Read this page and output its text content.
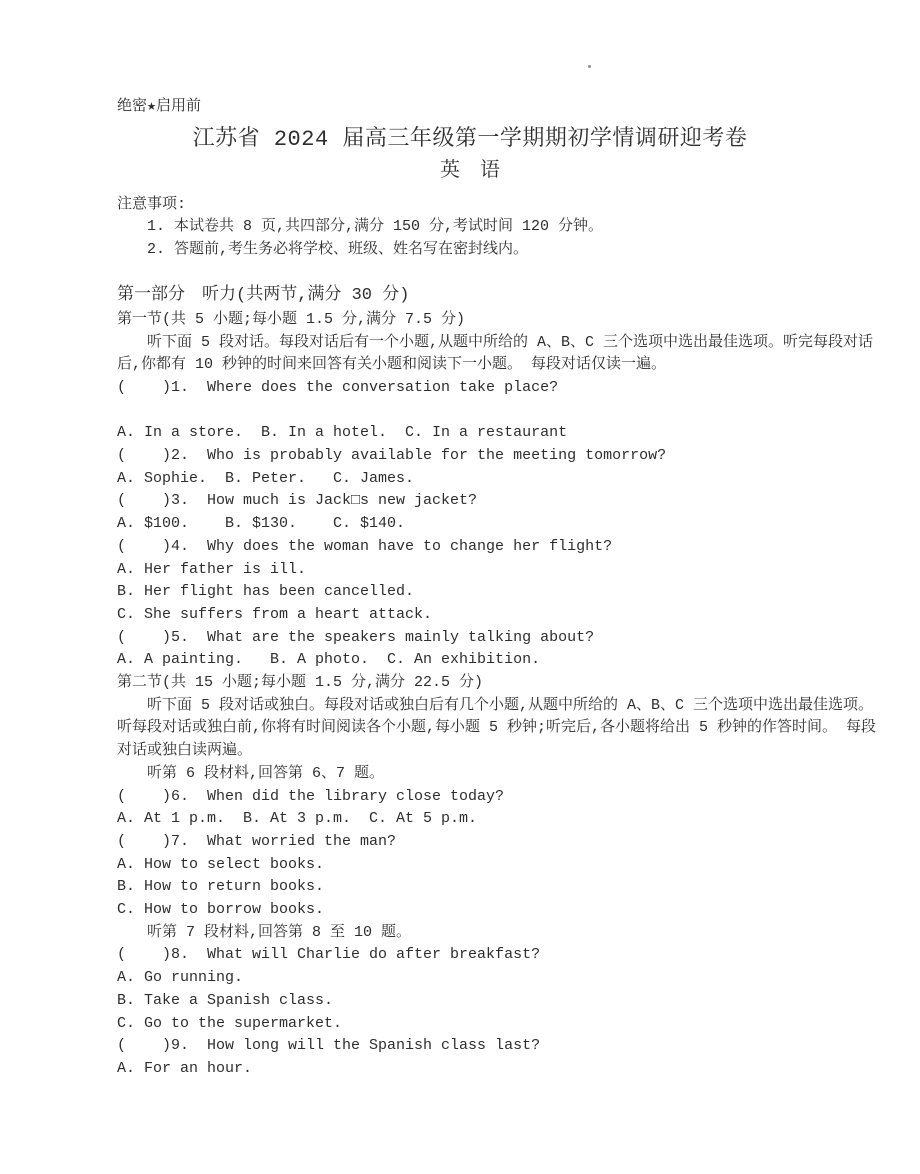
绝密★启用前
江苏省 2024 届高三年级第一学期期初学情调研迎考卷
英　语
注意事项:
1. 本试卷共 8 页,共四部分,满分 150 分,考试时间 120 分钟。
2. 答题前,考生务必将学校、班级、姓名写在密封线内。
第一部分　听力(共两节,满分 30 分)
第一节(共 5 小题;每小题 1.5 分,满分 7.5 分)
听下面 5 段对话。每段对话后有一个小题,从题中所给的 A、B、C 三个选项中选出最佳选项。听完每段对话
后,你都有 10 秒钟的时间来回答有关小题和阅读下一小题。 每段对话仅读一遍。
(    )1.  Where does the conversation take place?
A. In a store.  B. In a hotel.  C. In a restaurant
(    )2.  Who is probably available for the meeting tomorrow?
A. Sophie.  B. Peter.   C. James.
(    )3.  How much is Jack□s new jacket?
A. $100.    B. $130.    C. $140.
(    )4.  Why does the woman have to change her flight?
A. Her father is ill.
B. Her flight has been cancelled.
C. She suffers from a heart attack.
(    )5.  What are the speakers mainly talking about?
A. A painting.   B. A photo.  C. An exhibition.
第二节(共 15 小题;每小题 1.5 分,满分 22.5 分)
听下面 5 段对话或独白。每段对话或独白后有几个小题,从题中所给的 A、B、C 三个选项中选出最佳选项。
听每段对话或独白前,你将有时间阅读各个小题,每小题 5 秒钟;听完后,各小题将给出 5 秒钟的作答时间。 每段
对话或独白读两遍。
听第 6 段材料,回答第 6、7 题。
(    )6.  When did the library close today?
A. At 1 p.m.  B. At 3 p.m.  C. At 5 p.m.
(    )7.  What worried the man?
A. How to select books.
B. How to return books.
C. How to borrow books.
听第 7 段材料,回答第 8 至 10 题。
(    )8.  What will Charlie do after breakfast?
A. Go running.
B. Take a Spanish class.
C. Go to the supermarket.
(    )9.  How long will the Spanish class last?
A. For an hour.
